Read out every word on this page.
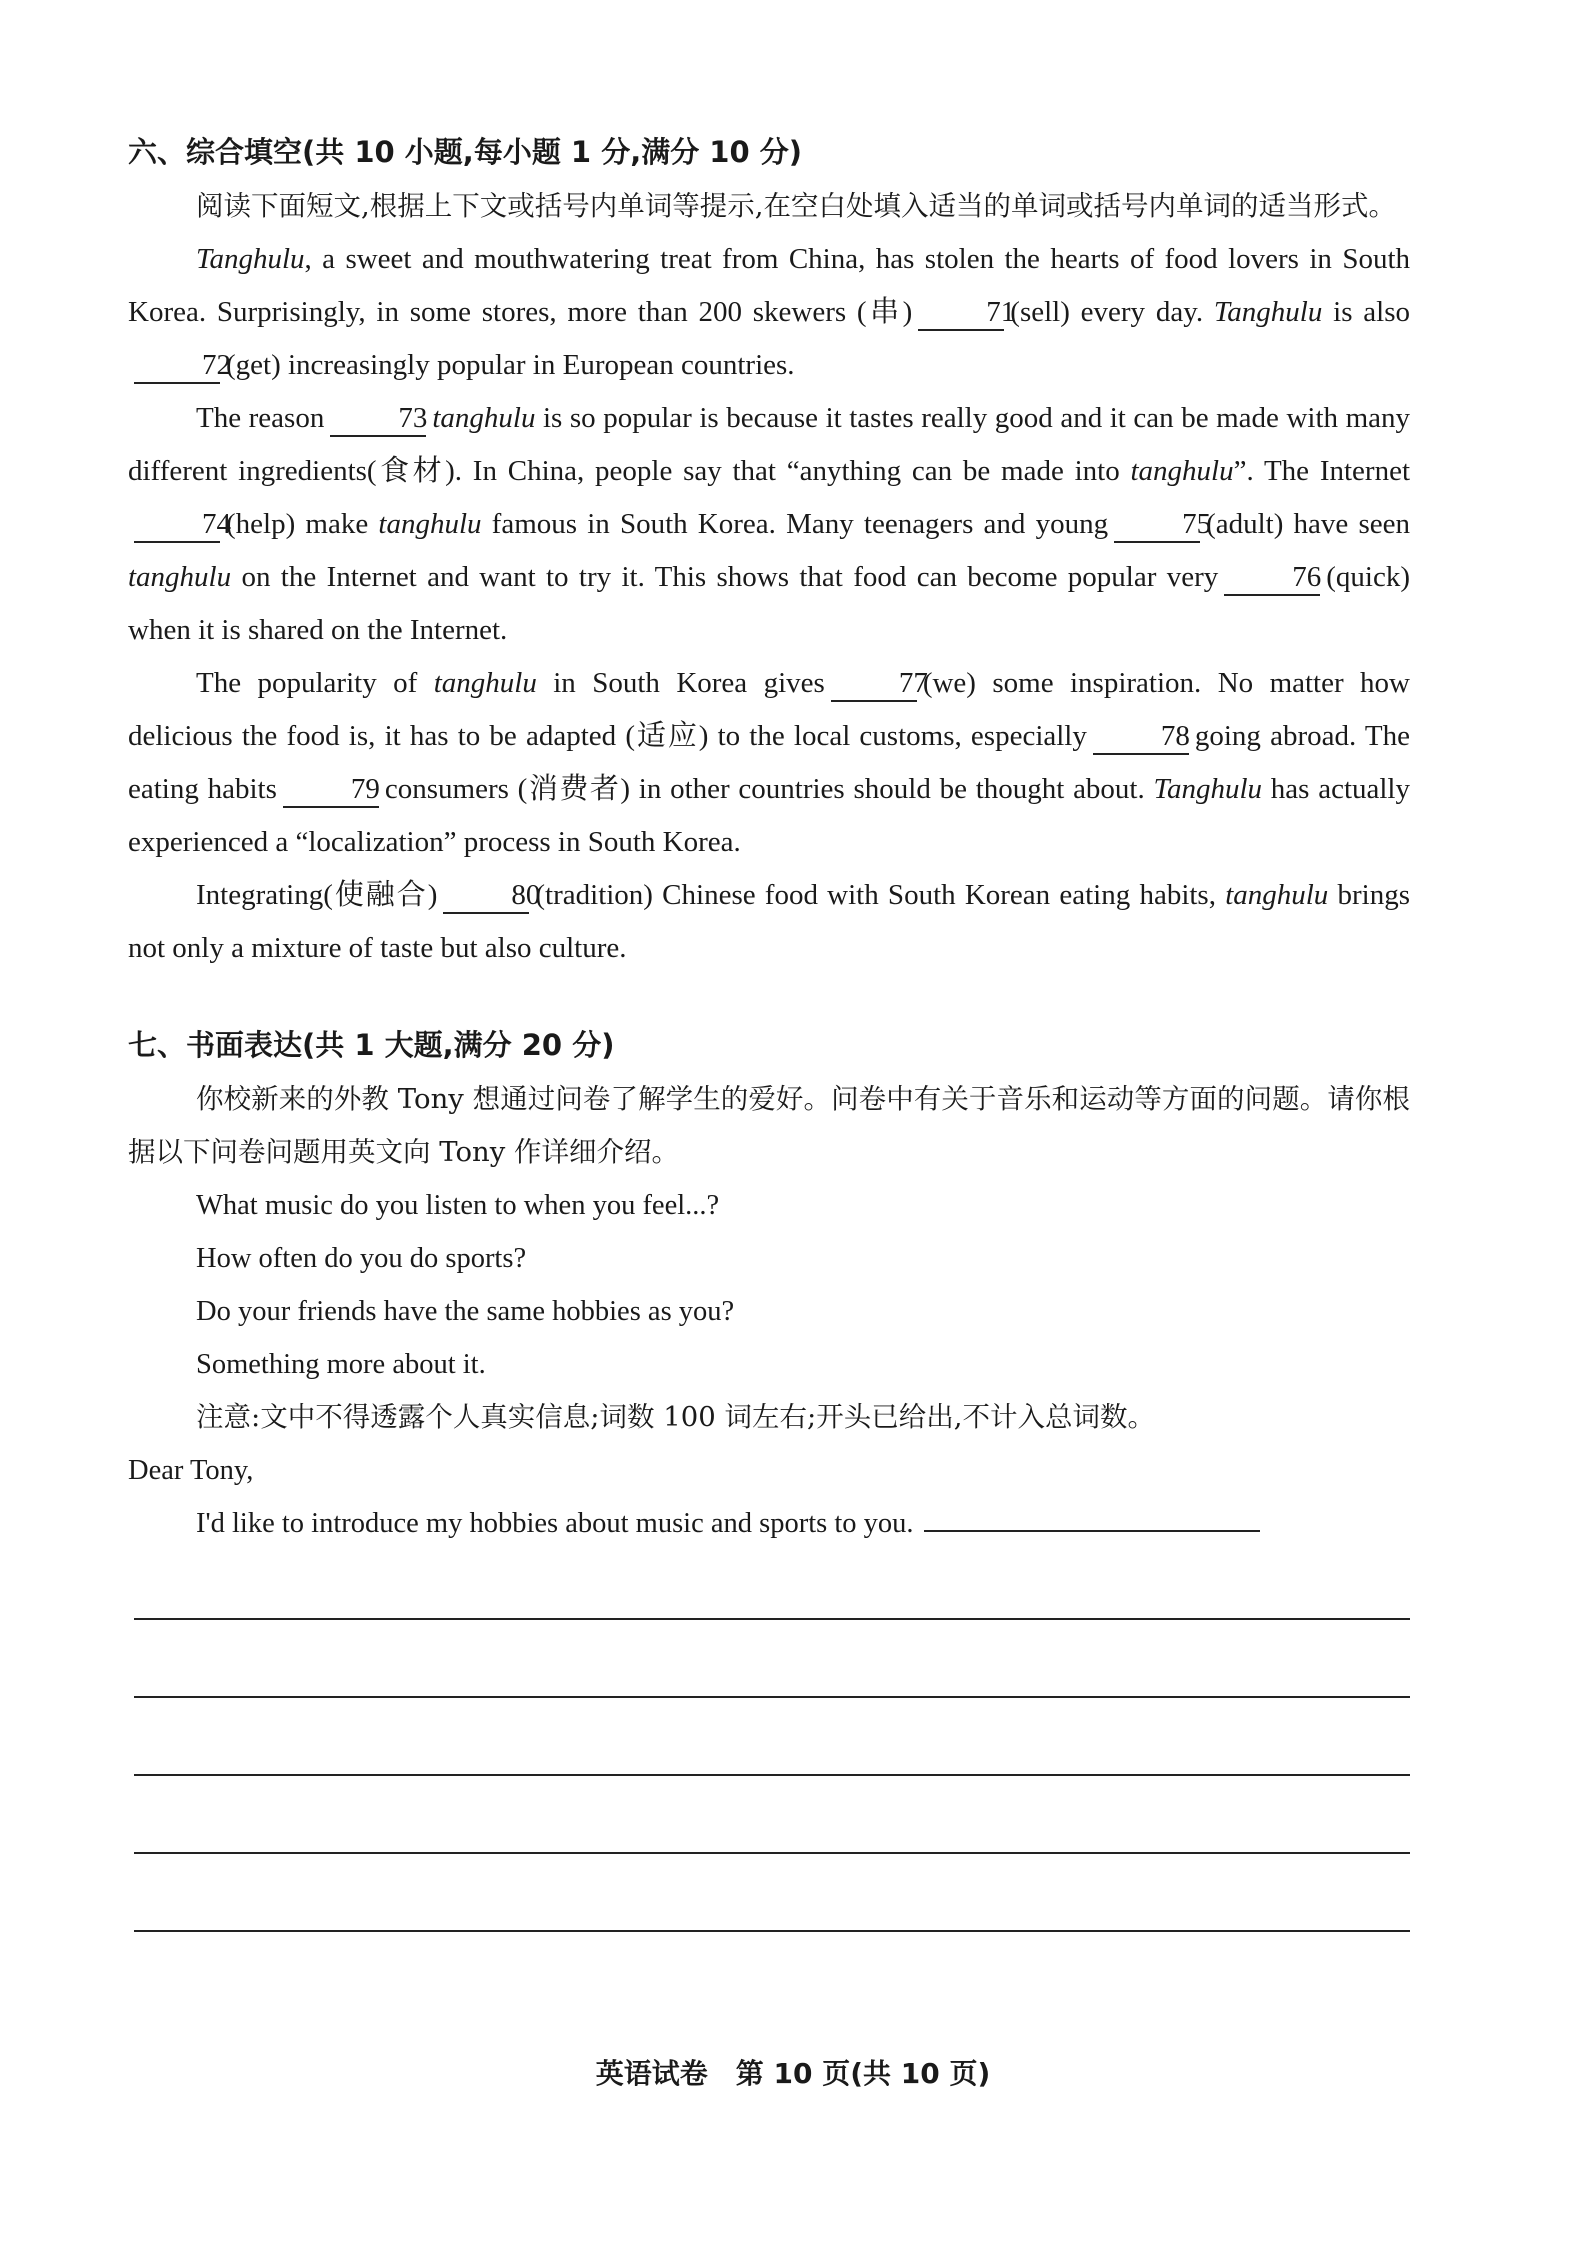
六、综合填空(共 10 小题,每小题 1 分,满分 10 分)

阅读下面短文,根据上下文或括号内单词等提示,在空白处填入适当的单词或括号内单词的适当形式。

Tanghulu, a sweet and mouthwatering treat from China, has stolen the hearts of food lovers in South Korea. Surprisingly, in some stores, more than 200 skewers (串)	71(sell) every day. Tanghulu is also72(get) increasingly popular in European countries.

The reason	73 tanghulu is so popular is because it tastes really good and it can be made with many different ingredients(食材). In China, people say that “anything can be made into tanghulu”. The Internet74(help) make tanghulu famous in South Korea. Many teenagers and young	75(adult) have seen tanghulu on the Internet and want to try it. This shows that food can become popular very	76 (quick) when it is shared on the Internet.

The popularity of tanghulu in South Korea gives	77(we) some inspiration. No matter how delicious the food is, it has to be adapted (适应) to the local customs, especially	78 going abroad. The eating habits	79 consumers (消费者) in other countries should be thought about. Tanghulu has actually experienced a “localization” process in South Korea.

Integrating(使融合)	80(tradition) Chinese food with South Korean eating habits, tanghulu brings not only a mixture of taste but also culture.

七、书面表达(共 1 大题,满分 20 分)

你校新来的外教 Tony 想通过问卷了解学生的爱好。问卷中有关于音乐和运动等方面的问题。请你根据以下问卷问题用英文向 Tony 作详细介绍。

What music do you listen to when you feel...?
How often do you do sports?
Do your friends have the same hobbies as you?
Something more about it.

注意:文中不得透露个人真实信息;词数 100 词左右;开头已给出,不计入总词数。

Dear Tony,
I'd like to introduce my hobbies about music and sports to you.
英语试卷　第 10 页(共 10 页)
